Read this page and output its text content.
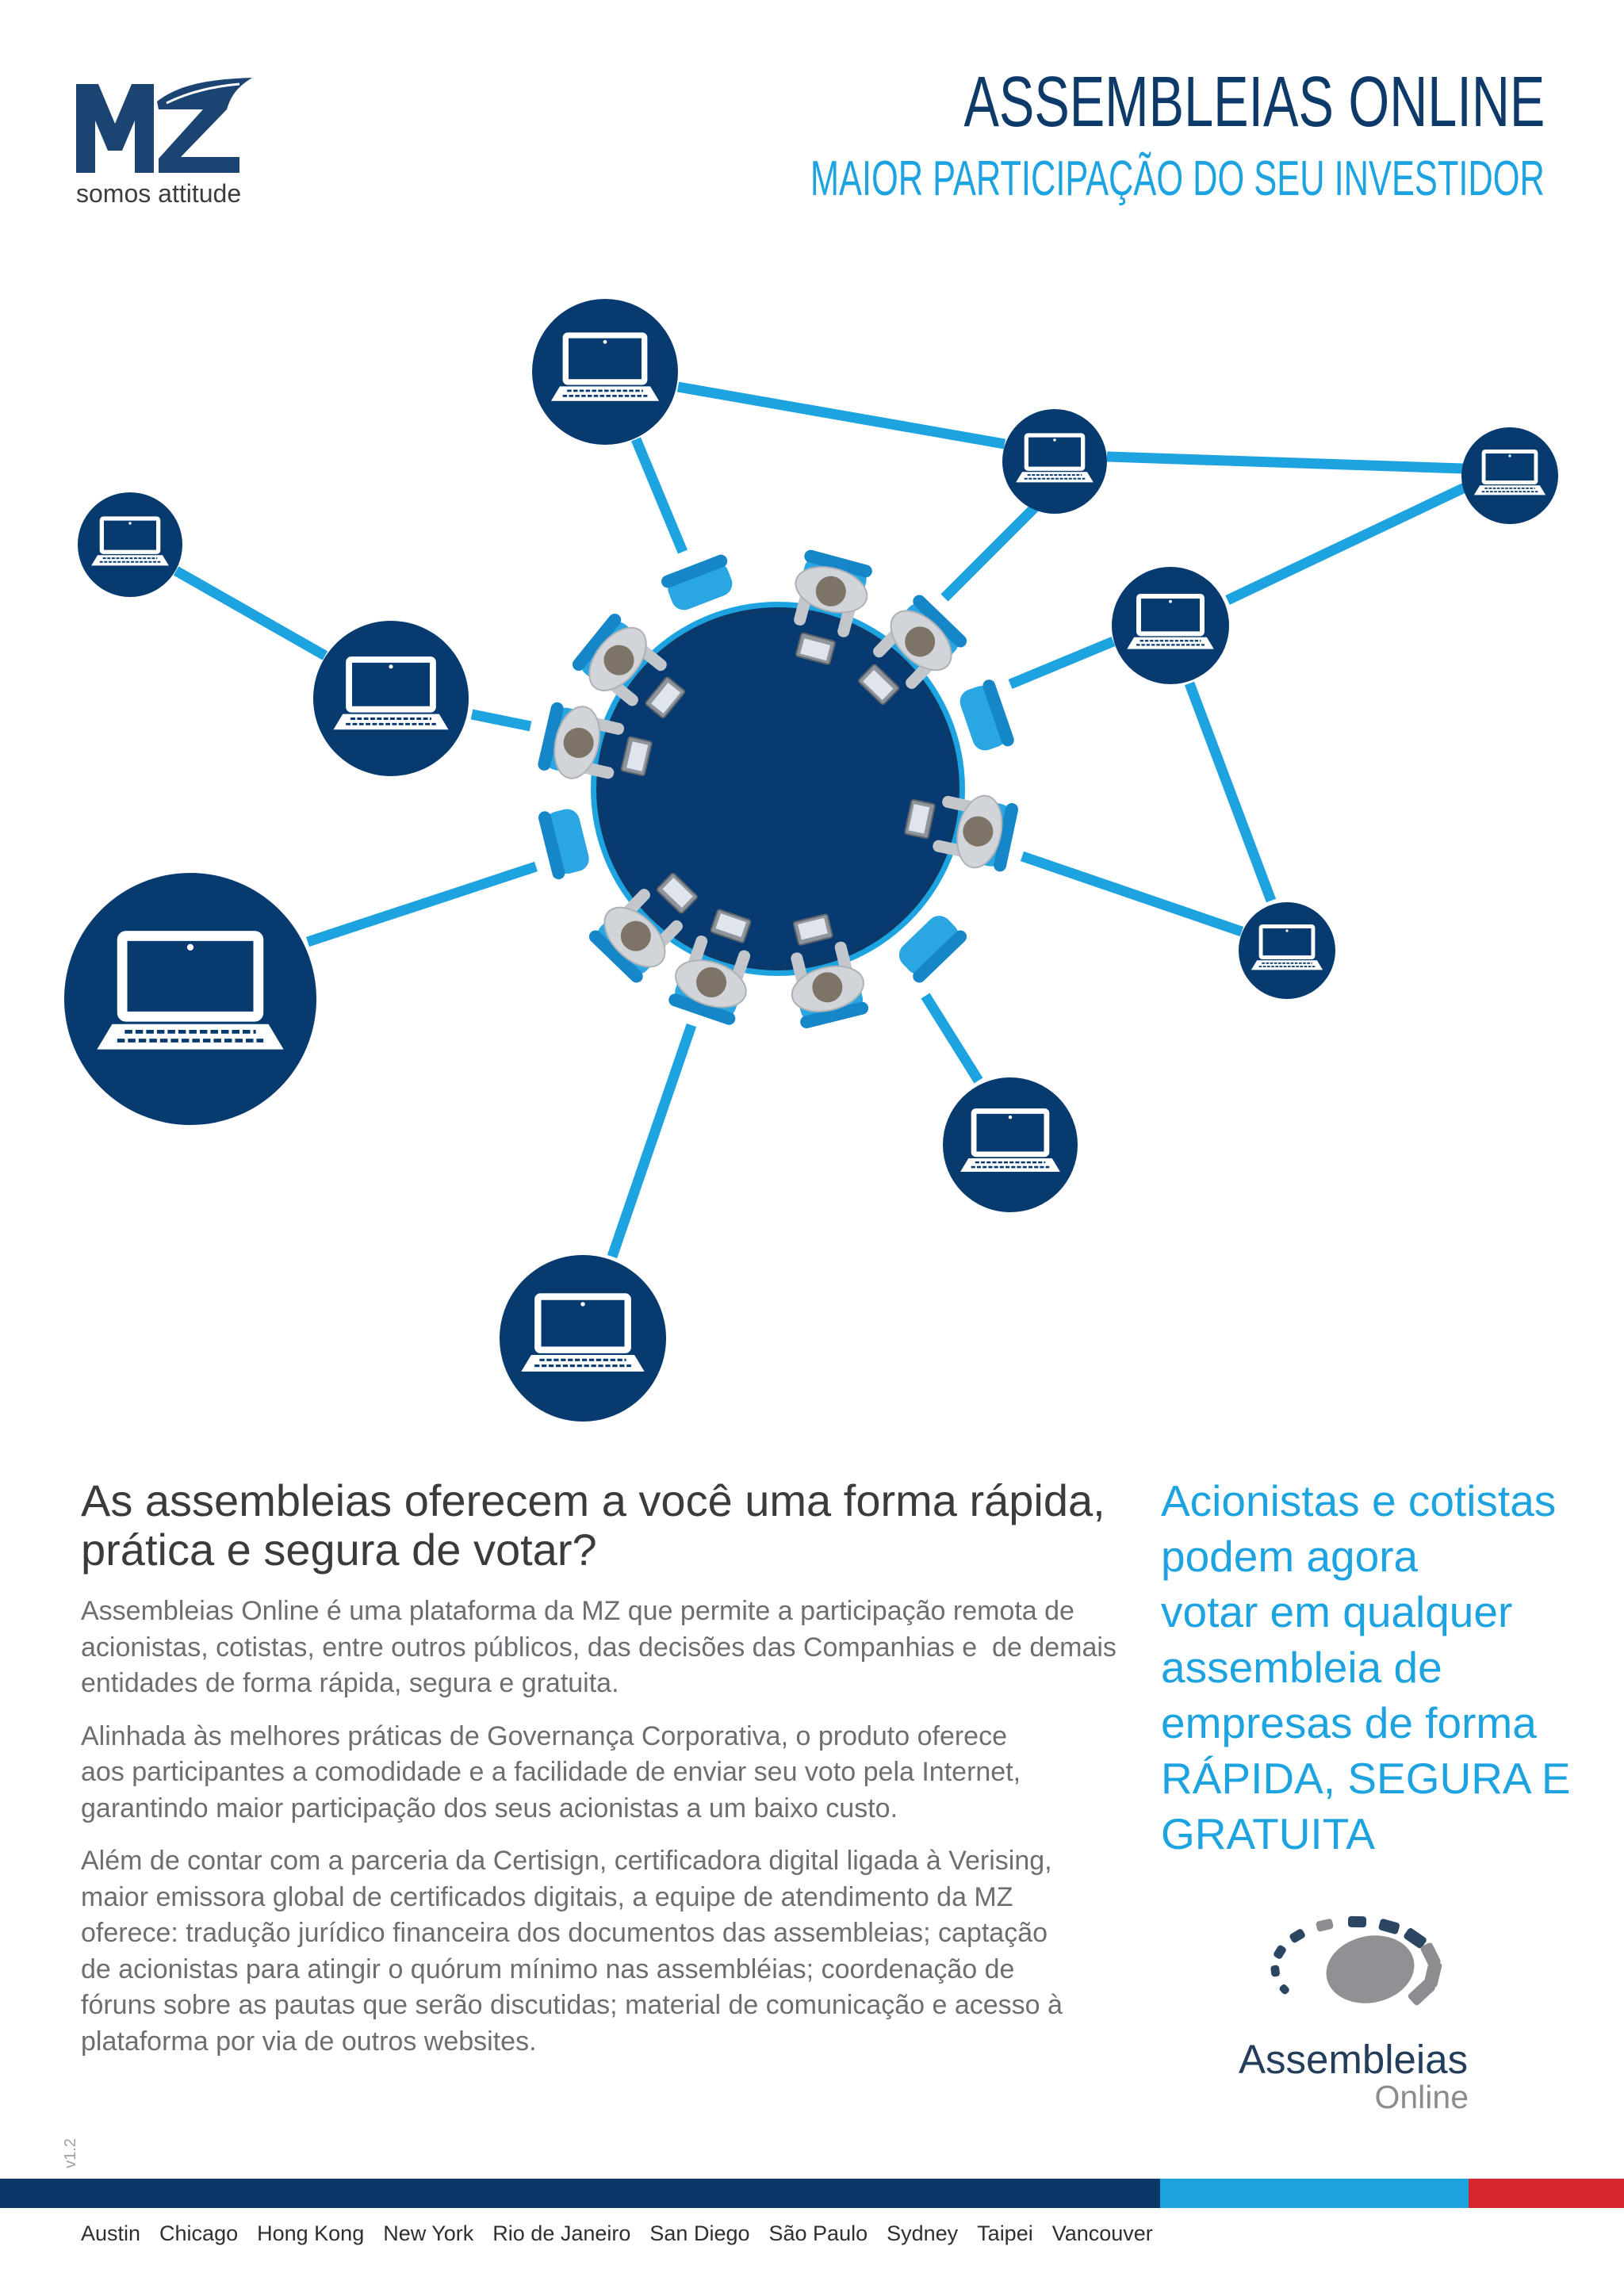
somos attitude
ASSEMBLEIAS ONLINE
MAIOR PARTICIPAÇÃO DO SEU INVESTIDOR
As assembleias oferecem a você uma forma rápida,
prática e segura de votar?
Assembleias Online é uma plataforma da MZ que permite a participação remota de
acionistas, cotistas, entre outros públicos, das decisões das Companhias e  de demais
entidades de forma rápida, segura e gratuita.
Alinhada às melhores práticas de Governança Corporativa, o produto oferece
aos participantes a comodidade e a facilidade de enviar seu voto pela Internet,
garantindo maior participação dos seus acionistas a um baixo custo.
Além de contar com a parceria da Certisign, certificadora digital ligada à Verising,
maior emissora global de certificados digitais, a equipe de atendimento da MZ
oferece: tradução jurídico financeira dos documentos das assembleias; captação
de acionistas para atingir o quórum mínimo nas assembléias; coordenação de
fóruns sobre as pautas que serão discutidas; material de comunicação e acesso à
plataforma por via de outros websites.
Acionistas e cotistas
podem agora
votar em qualquer
assembleia de
empresas de forma
RÁPIDA, SEGURA E
GRATUITA
Assembleias
Online
v1.2
Austin Chicago Hong Kong New York Rio de Janeiro San Diego São Paulo Sydney Taipei Vancouver
